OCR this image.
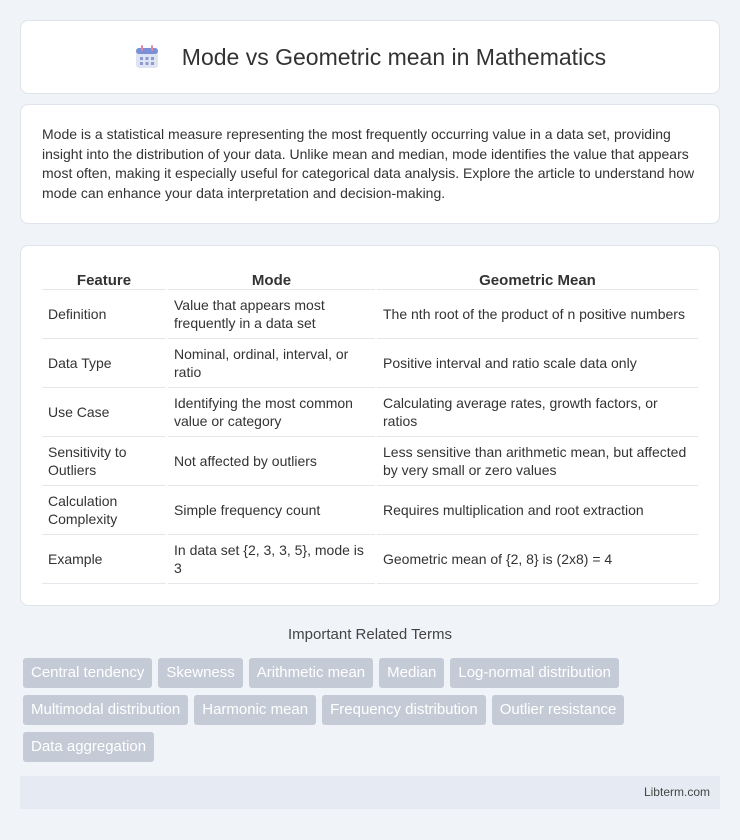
Mode vs Geometric mean in Mathematics

Mode is a statistical measure representing the most frequently occurring value in a data set, providing insight into the distribution of your data. Unlike mean and median, mode identifies the value that appears most often, making it especially useful for categorical data analysis. Explore the article to understand how mode can enhance your data interpretation and decision-making.

Feature	Mode	Geometric Mean
Definition	Value that appears most frequently in a data set	The nth root of the product of n positive numbers
Data Type	Nominal, ordinal, interval, or ratio	Positive interval and ratio scale data only
Use Case	Identifying the most common value or category	Calculating average rates, growth factors, or ratios
Sensitivity to Outliers	Not affected by outliers	Less sensitive than arithmetic mean, but affected by very small or zero values
Calculation Complexity	Simple frequency count	Requires multiplication and root extraction
Example	In data set {2, 3, 3, 5}, mode is 3	Geometric mean of {2, 8} is (2x8) = 4
Important Related Terms
Central tendency	Skewness	Arithmetic mean	Median	Log-normal distribution
Multimodal distribution	Harmonic mean	Frequency distribution	Outlier resistance
Data aggregation
Libterm.com
